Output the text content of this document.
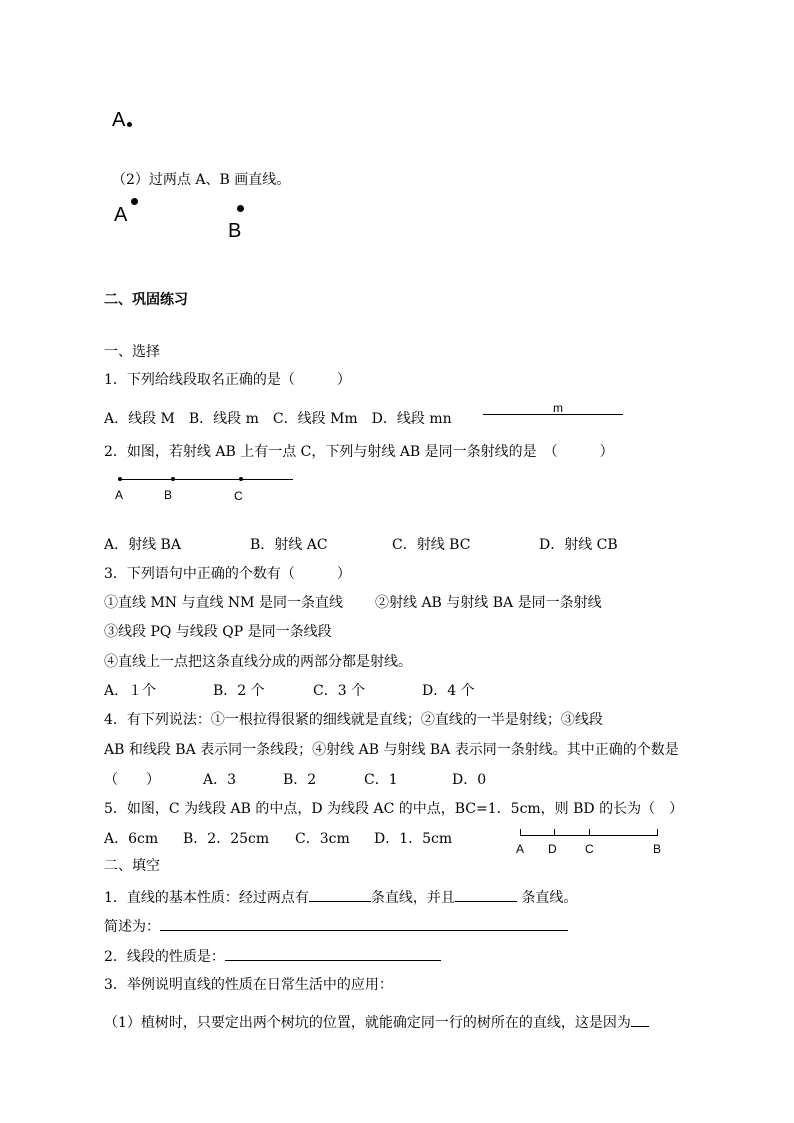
A
（2）过两点 A、B 画直线。
A
B
二、巩固练习
一、选择
1．下列给线段取名正确的是（　　　）
A．线段 M　B．线段 m　C．线段 Mm　D．线段 mn
m
2．如图，若射线 AB 上有一点 C，下列与射线 AB 是同一条射线的是　（　　　）
A	B	C
A．射线 BA	B．射线 AC	C．射线 BC	D．射线 CB
3．下列语句中正确的个数有（　　　）
①直线 MN 与直线 NM 是同一条直线 ②射线 AB 与射线 BA 是同一条射线
③线段 PQ 与线段 QP 是同一条线段
④直线上一点把这条直线分成的两部分都是射线。
A．１个	B．2 个	C．3 个	D．4 个
4．有下列说法：①一根拉得很紧的细线就是直线；②直线的一半是射线；③线段
AB 和线段 BA 表示同一条线段；④射线 AB 与射线 BA 表示同一条射线。其中正确的个数是
（　　）	A．3	B．2	C．1	D．0
5．如图，C 为线段 AB 的中点，D 为线段 AC 的中点，BC=1．5cm，则 BD 的长为（　）
A．6cm B．2．25cm C．3cm D．1．5cm
A D C	B
二、填空
1．直线的基本性质：经过两点有	条直线，并且	条直线。
简述为：
2．线段的性质是：
3．举例说明直线的性质在日常生活中的应用：
（1）植树时，只要定出两个树坑的位置，就能确定同一行的树所在的直线，这是因为
